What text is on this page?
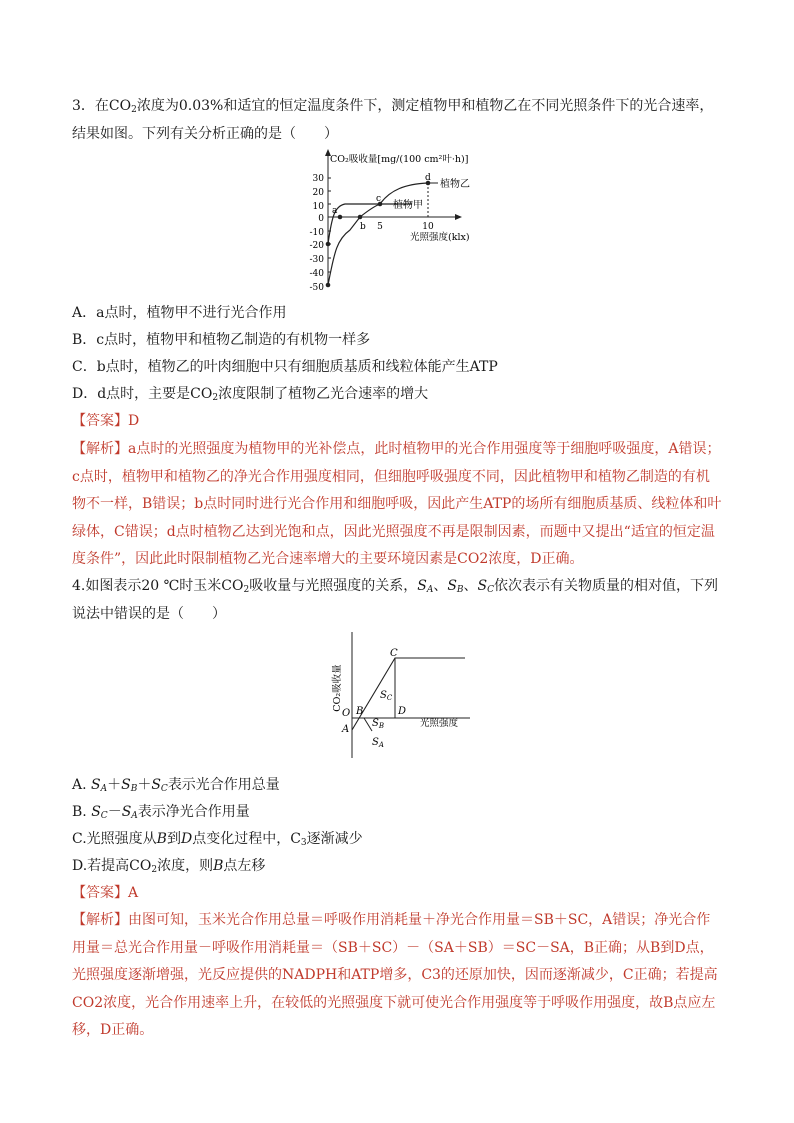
3．在$CO_2$浓度为0.03%和适宜的恒定温度条件下，测定植物甲和植物乙在不同光照条件下的光合速率，结果如图。下列有关分析正确的是（　　）
CO₂吸收量[mg/(100 cm²叶·h)]
光照强度(klx)
30
20
10
0
-10
-20
-30
-40
-50
5	10
a
b
c
d
植物乙
植物甲
A．a点时，植物甲不进行光合作用
B．c点时，植物甲和植物乙制造的有机物一样多
C．b点时，植物乙的叶肉细胞中只有细胞质基质和线粒体能产生ATP
D．d点时，主要是$CO_2$浓度限制了植物乙光合速率的增大
【答案】D
【解析】a点时的光照强度为植物甲的光补偿点，此时植物甲的光合作用强度等于细胞呼吸强度，A错误；c点时，植物甲和植物乙的净光合作用强度相同，但细胞呼吸强度不同，因此植物甲和植物乙制造的有机物不一样，B错误；b点时同时进行光合作用和细胞呼吸，因此产生ATP的场所有细胞质基质、线粒体和叶绿体，C错误；d点时植物乙达到光饱和点，因此光照强度不再是限制因素，而题中又提出“适宜的恒定温度条件”，因此此时限制植物乙光合速率增大的主要环境因素是CO2浓度，D正确。
4.如图表示20 ℃时玉米$CO_2$吸收量与光照强度的关系，$S_A$、$S_B$、$S_C$依次表示有关物质量的相对值，下列说法中错误的是（　　）
CO₂吸收量
光照强度
C
O B	D
A
$S_C$
$S_B$
$S_A$
A. $S_A+S_B+S_C$表示光合作用总量
B. $S_C-S_A$表示净光合作用量
C.光照强度从B到D点变化过程中，$C_3$逐渐减少
D.若提高$CO_2$浓度，则B点左移
【答案】A
【解析】由图可知，玉米光合作用总量＝呼吸作用消耗量＋净光合作用量＝SB＋SC，A错误；净光合作用量＝总光合作用量－呼吸作用消耗量＝（SB＋SC）－（SA＋SB）＝SC－SA，B正确；从B到D点，光照强度逐渐增强，光反应提供的NADPH和ATP增多，C3的还原加快，因而逐渐减少，C正确；若提高CO2浓度，光合作用速率上升，在较低的光照强度下就可使光合作用强度等于呼吸作用强度，故B点应左移，D正确。
